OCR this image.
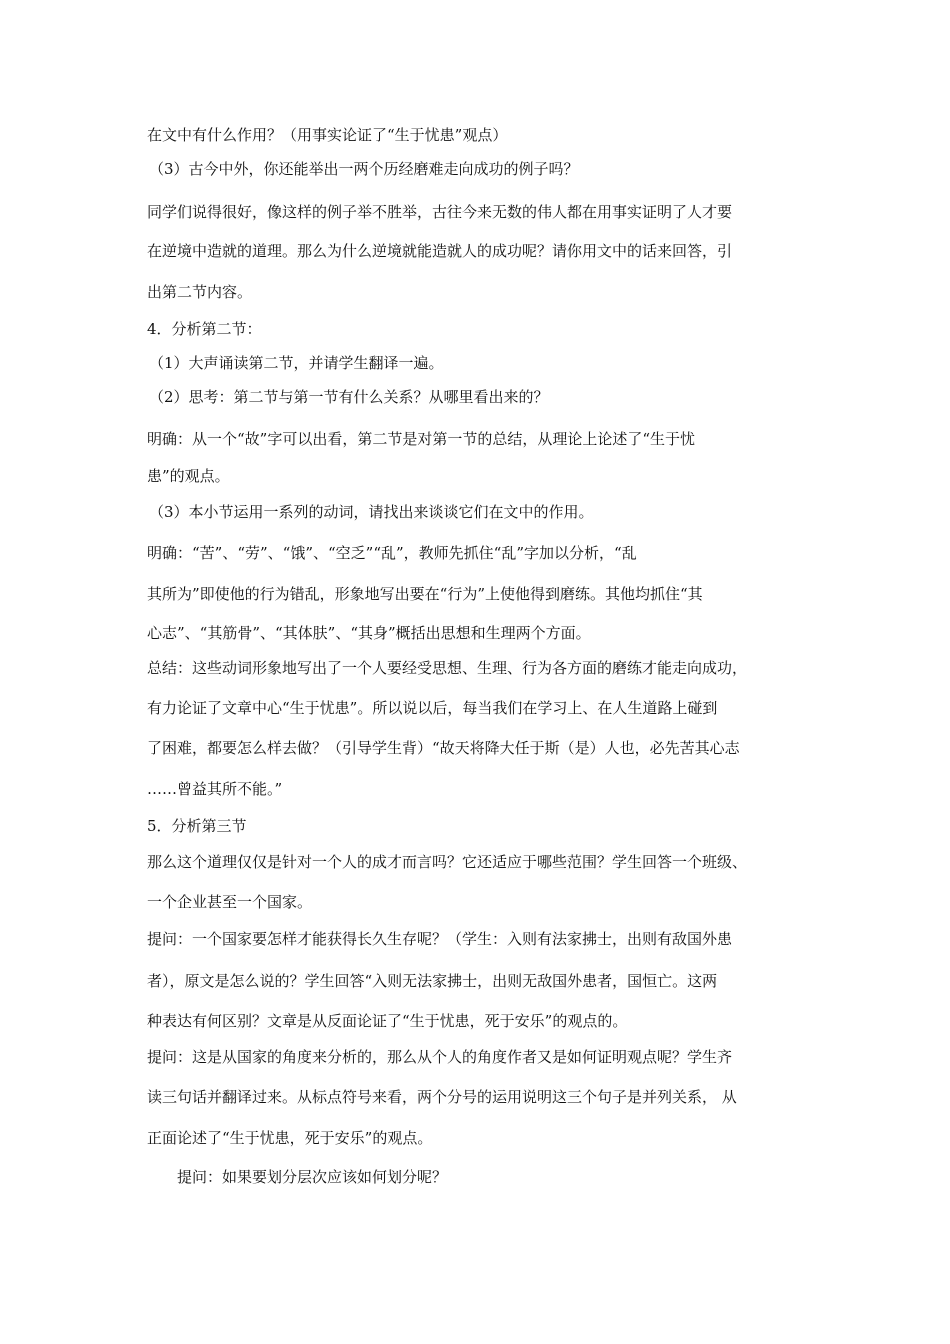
在文中有什么作用？（用事实论证了“生于忧患”观点）
（3）古今中外，你还能举出一两个历经磨难走向成功的例子吗？
同学们说得很好，像这样的例子举不胜举，古往今来无数的伟人都在用事实证明了人才要
在逆境中造就的道理。那么为什么逆境就能造就人的成功呢？请你用文中的话来回答，引
出第二节内容。
4．分析第二节：
（1）大声诵读第二节，并请学生翻译一遍。
（2）思考：第二节与第一节有什么关系？从哪里看出来的？
明确：从一个“故”字可以出看，第二节是对第一节的总结，从理论上论述了“生于忧
患”的观点。
（3）本小节运用一系列的动词，请找出来谈谈它们在文中的作用。
明确：“苦”、“劳”、“饿”、“空乏”“乱”，教师先抓住“乱”字加以分析，“乱
其所为”即使他的行为错乱，形象地写出要在“行为”上使他得到磨练。其他均抓住“其
心志”、“其筋骨”、“其体肤”、“其身”概括出思想和生理两个方面。
总结：这些动词形象地写出了一个人要经受思想、生理、行为各方面的磨练才能走向成功，
有力论证了文章中心“生于忧患”。所以说以后，每当我们在学习上、在人生道路上碰到
了困难，都要怎么样去做？（引导学生背）“故天将降大任于斯（是）人也，必先苦其心志
……曾益其所不能。”
5．分析第三节
那么这个道理仅仅是针对一个人的成才而言吗？它还适应于哪些范围？学生回答一个班级、
一个企业甚至一个国家。
提问：一个国家要怎样才能获得长久生存呢？（学生：入则有法家拂士，出则有敌国外患
者），原文是怎么说的？学生回答“入则无法家拂士，出则无敌国外患者，国恒亡。这两
种表达有何区别？文章是从反面论证了“生于忧患，死于安乐”的观点的。
提问：这是从国家的角度来分析的，那么从个人的角度作者又是如何证明观点呢？学生齐
读三句话并翻译过来。从标点符号来看，两个分号的运用说明这三个句子是并列关系， 从
正面论述了“生于忧患，死于安乐”的观点。
提问：如果要划分层次应该如何划分呢？
